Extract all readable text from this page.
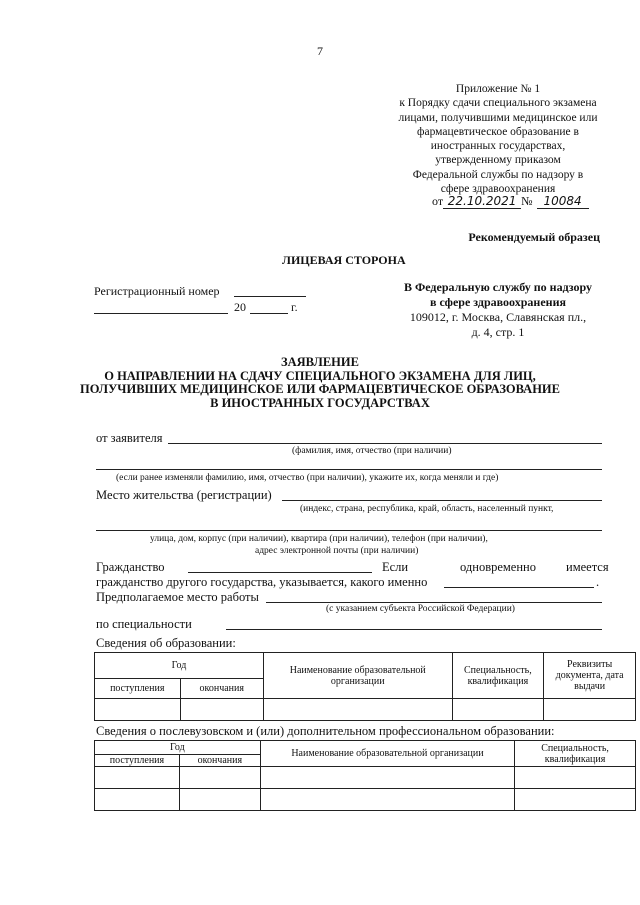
7
Приложение № 1
к Порядку сдачи специального экзамена
лицами, получившими медицинское или
фармацевтическое образование в
иностранных государствах,
утвержденному приказом
Федеральной службы по надзору в
сфере здравоохранения
от 22.10.2021 № 10084
Рекомендуемый образец
ЛИЦЕВАЯ СТОРОНА
Регистрационный номер
20	г.
В Федеральную службу по надзору
в сфере здравоохранения
109012, г. Москва, Славянская пл.,
д. 4, стр. 1
ЗАЯВЛЕНИЕ
О НАПРАВЛЕНИИ НА СДАЧУ СПЕЦИАЛЬНОГО ЭКЗАМЕНА ДЛЯ ЛИЦ,
ПОЛУЧИВШИХ МЕДИЦИНСКОЕ ИЛИ ФАРМАЦЕВТИЧЕСКОЕ ОБРАЗОВАНИЕ
В ИНОСТРАННЫХ ГОСУДАРСТВАХ
от заявителя
(фамилия, имя, отчество (при наличии)
(если ранее изменяли фамилию, имя, отчество (при наличии), укажите их, когда меняли и где)
Место жительства (регистрации)
(индекс, страна, республика, край, область, населенный пункт,
улица, дом, корпус (при наличии), квартира (при наличии), телефон (при наличии),
адрес электронной почты (при наличии)
Гражданство	Если	одновременно имеется
гражданство другого государства, указывается, какого именно	.
Предполагаемое место работы
(с указанием субъекта Российской Федерации)
по специальности
Сведения об образовании:
Год		Наименование образовательной организации	Специальность, квалификация	Реквизиты документа, дата выдачи
поступления	окончания			

Сведения о послевузовском и (или) дополнительном профессиональном образовании:
Год		Наименование образовательной организации	Специальность, квалификация
поступления	окончания		
